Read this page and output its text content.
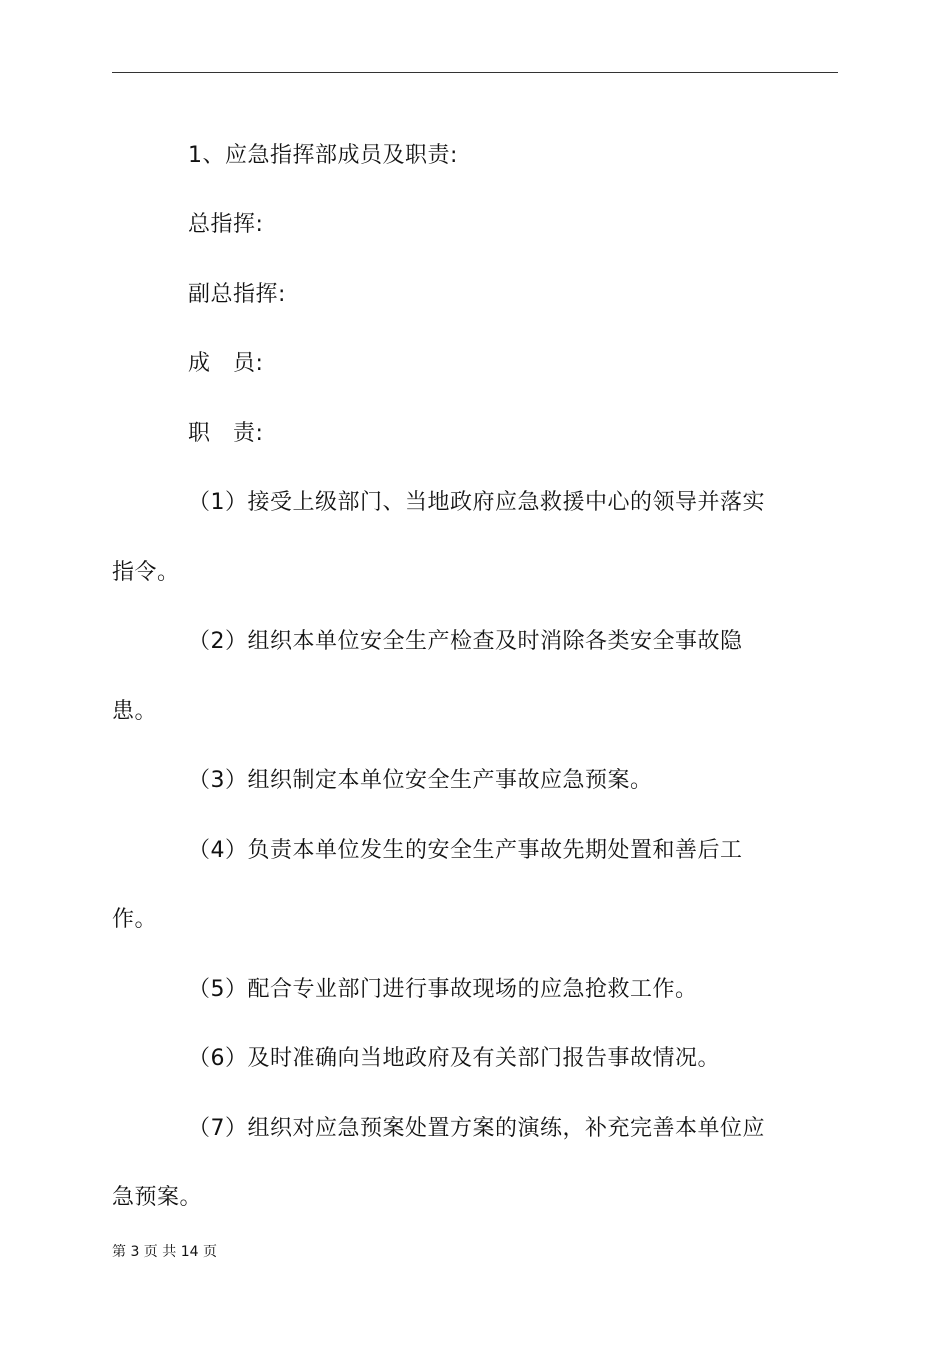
1、应急指挥部成员及职责:
总指挥:
副总指挥:
成　员:
职　责:
（1）接受上级部门、当地政府应急救援中心的领导并落实
指令。
（2）组织本单位安全生产检查及时消除各类安全事故隐
患。
（3）组织制定本单位安全生产事故应急预案。
（4）负责本单位发生的安全生产事故先期处置和善后工
作。
（5）配合专业部门进行事故现场的应急抢救工作。
（6）及时准确向当地政府及有关部门报告事故情况。
（7）组织对应急预案处置方案的演练，补充完善本单位应
急预案。
第 3 页 共 14 页
